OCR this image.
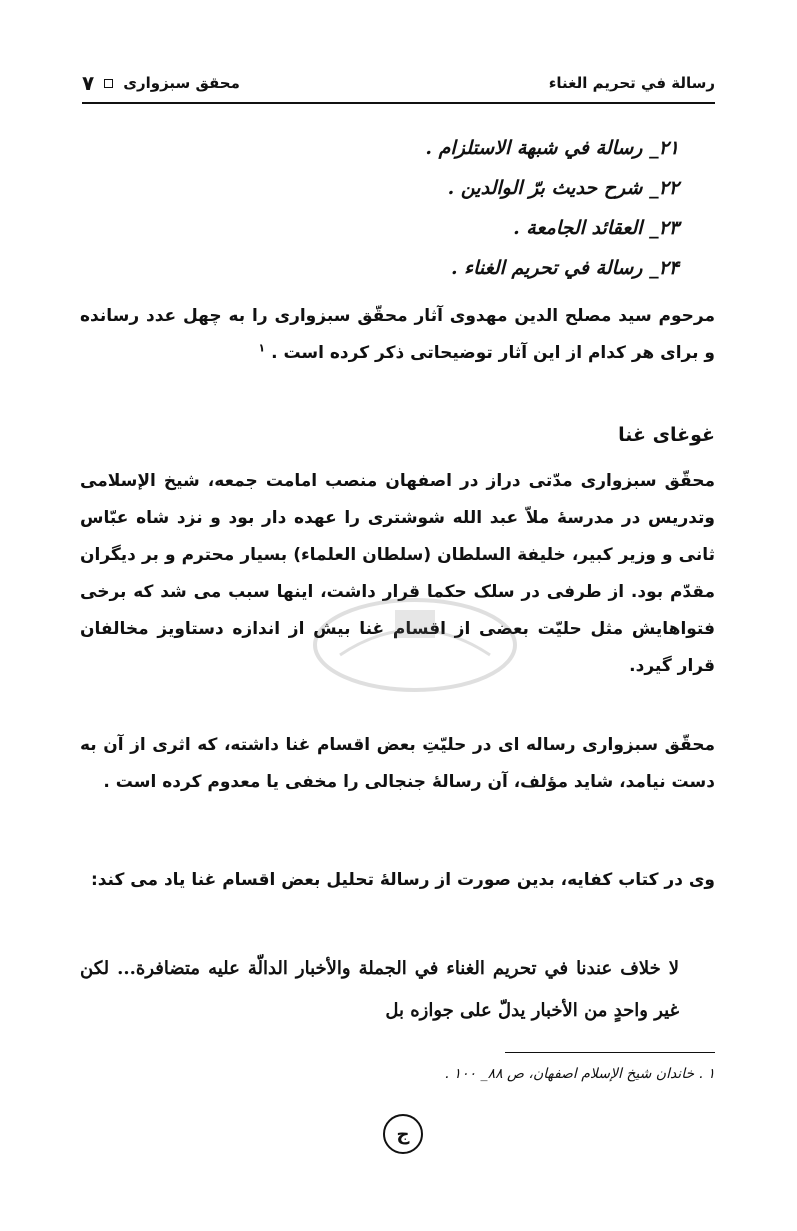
رسالة في تحريم الغناء
محقق سبزواری
۷
۲۱_ رسالة في شبهة الاستلزام .
۲۲_ شرح حديث برّ الوالدين .
۲۳_ العقائد الجامعة .
۲۴_ رسالة في تحريم الغناء .

مرحوم سید مصلح الدین مهدوی آثار محقّق سبزواری را به چهل عدد رسانده و برای هر کدام از این آثار توضیحاتی ذکر کرده است . $^۱$

غوغای غنا

محقّق سبزواری مدّتی دراز در اصفهان منصب امامت جمعه، شیخ الإسلامی وتدریس در مدرسهٔ ملاّ عبد الله شوشتری را عهده دار بود و نزد شاه عبّاس ثانی و وزیر کبیر، خلیفة السلطان (سلطان العلماء) بسیار محترم و بر دیگران مقدّم بود. از طرفی در سلک حکما قرار داشت، اینها سبب می شد که برخی فتواهایش مثل حلیّت بعضی از اقسام غنا بیش از اندازه دستاویز مخالفان قرار گیرد.

محقّق سبزواری رساله ای در حلیّتِ بعض اقسام غنا داشته، که اثری از آن به دست نیامد، شاید مؤلف، آن رسالهٔ جنجالی را مخفی یا معدوم کرده است .

وی در کتاب کفایه، بدین صورت از رسالهٔ تحلیل بعض اقسام غنا یاد می کند:

لا خلاف عندنا في تحريم الغناء في الجملة والأخبار الدالّة عليه متضافرة... لكن غير واحدٍ من الأخبار يدلّ على جوازه بل

۱ . خاندان شيخ الإسلام اصفهان، ص ۸۸_ ۱۰۰ .
ج
